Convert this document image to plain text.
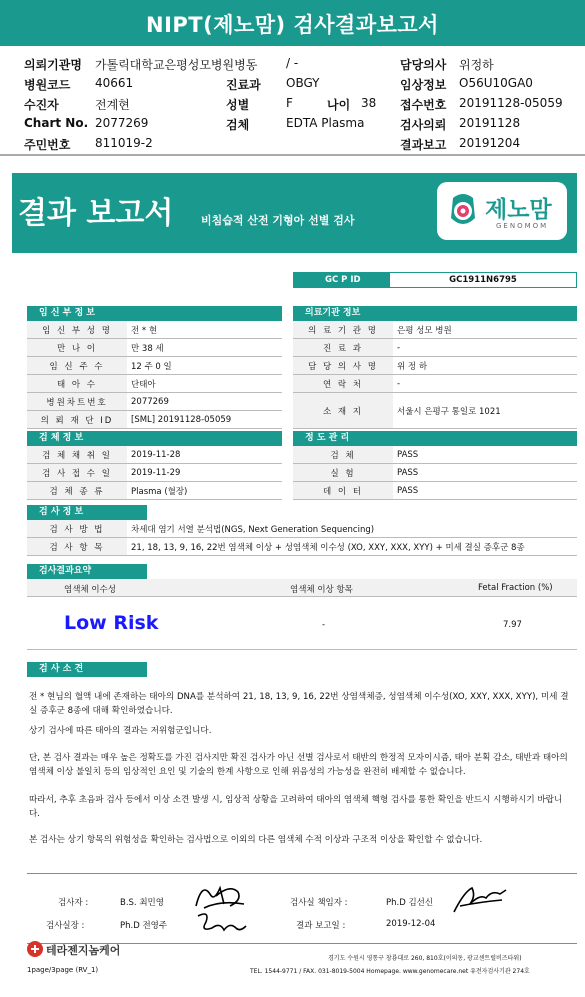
NIPT(제노맘) 검사결과보고서
의뢰기관명 가톨릭대학교은평성모병원병동 / -	담당의사 위정하
병원코드 40661	진료과 OBGY	임상정보 O56U10GA0
수진자	전계현	성별	F	나이 38 접수번호 20191128-05059
Chart No. 2077269	검체	EDTA Plasma	검사의뢰 20191128
주민번호 811019-2	결과보고 20191204
결과 보고서	비침습적 산전 기형아 선별 검사	제노맘
GENOMOM
GC P ID	GC1911N6795
임 신 부 정 보	의료기관 정보
임 신 부 성 명	전 * 현
만 나 이	만 38 세
임 신 주 수	12 주 0 일
태 아 수	단태아
병원차트번호	2077269
의 뢰 재 단 ID	[SML] 20191128-05059
의 료 기 관 명	은평 성모 병원
진 료 과	-
담 당 의 사 명	위 정 하
연 락 처	-
소 재 지	서울시 은평구 통일로 1021
검 체 정 보	정 도 관 리
검 체 채 취 일	2019-11-28
검 사 접 수 일	2019-11-29
검 체 종 류	Plasma (혈장)
검 체	PASS
실 험	PASS
데 이 터	PASS
검 사 정 보
검 사 방 법	차세대 염기 서열 분석법(NGS, Next Generation Sequencing)
검 사 항 목	21, 18, 13, 9, 16, 22번 염색체 이상 + 성염색체 이수성 (XO, XXY, XXX, XYY) + 미세 결실 증후군 8종
검사결과요약
염색체 이수성	염색체 이상 항목	Fetal Fraction (%)
Low Risk	-	7.97
검 사 소 견
전 * 현님의 혈액 내에 존재하는 태아의 DNA를 분석하여 21, 18, 13, 9, 16, 22번 상염색체증, 성염색체 이수성(XO, XXY, XXX, XYY), 미세 결실 증후군 8종에 대해 확인하였습니다.
상기 검사에 따른 태아의 결과는 저위험군입니다.
단, 본 검사 결과는 매우 높은 정확도를 가진 검사지만 확진 검사가 아닌 선별 검사로서 태반의 한정적 모자이시즘, 태아 분획 감소, 태반과 태아의 염색체 이상 불일치 등의 임상적인 요인 및 기술의 한계 사항으로 인해 위음성의 가능성을 완전히 배제할 수 없습니다.
따라서, 추후 초음파 검사 등에서 이상 소견 발생 시, 임상적 상황을 고려하여 태아의 염색체 핵형 검사를 통한 확인을 반드시 시행하시기 바랍니다.
본 검사는 상기 항목의 위험성을 확인하는 검사법으로 이외의 다른 염색체 수적 이상과 구조적 이상을 확인할 수 없습니다.
검사자 :	B.S. 최민영
검사실장 :	Ph.D 전영주
검사실 책임자 :	Ph.D 김선신
결과 보고일 :	2019-12-04
테라젠지놈케어
경기도 수원시 영통구 창룡대로 260, 810호(이의동, 광교센트럴비즈타워)
TEL. 1544-9771 / FAX. 031-8019-5004 Homepage. www.genomecare.net 유전자검사기관 274호
1page/3page (RV_1)
